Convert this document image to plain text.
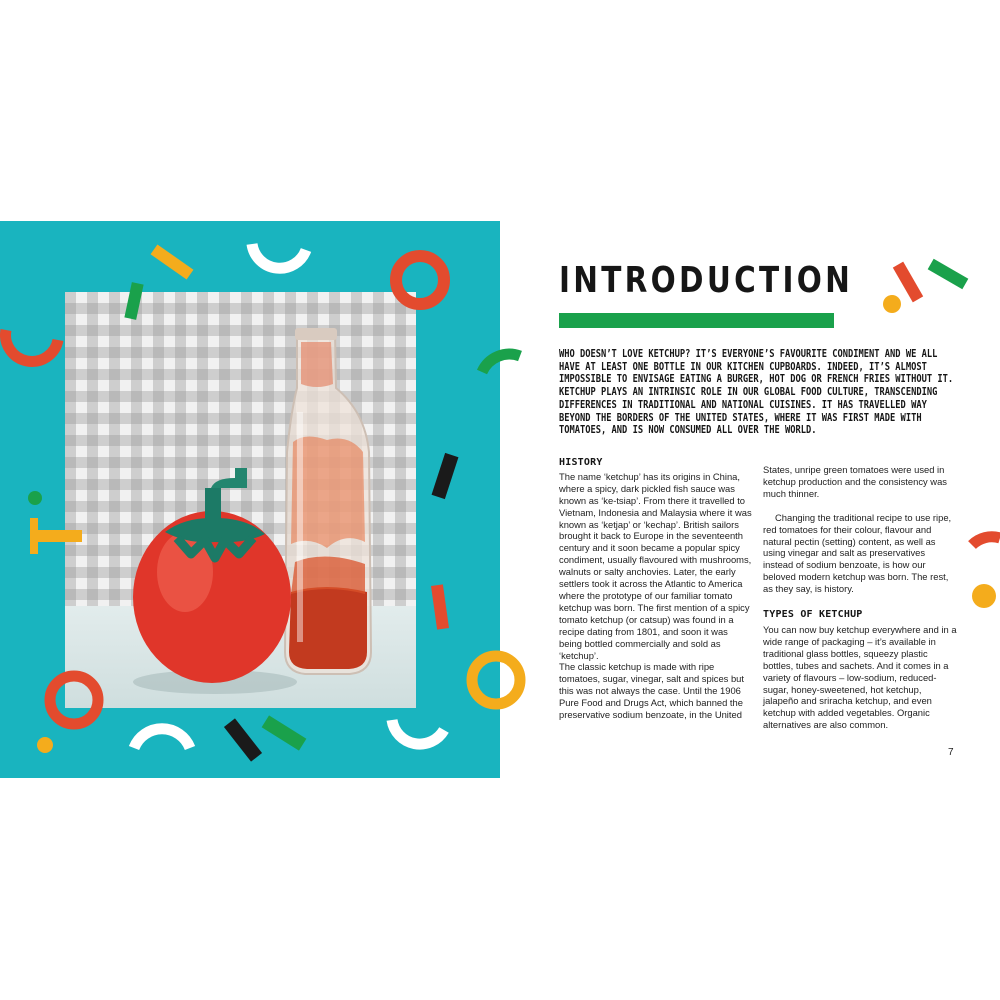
INTRODUCTION

WHO DOESN’T LOVE KETCHUP? IT’S EVERYONE’S FAVOURITE CONDIMENT AND WE ALL HAVE AT LEAST ONE BOTTLE IN OUR KITCHEN CUPBOARDS. INDEED, IT’S ALMOST IMPOSSIBLE TO ENVISAGE EATING A BURGER, HOT DOG OR FRENCH FRIES WITHOUT IT. KETCHUP PLAYS AN INTRINSIC ROLE IN OUR GLOBAL FOOD CULTURE, TRANSCENDING DIFFERENCES IN TRADITIONAL AND NATIONAL CUISINES. IT HAS TRAVELLED WAY BEYOND THE BORDERS OF THE UNITED STATES, WHERE IT WAS FIRST MADE WITH TOMATOES, AND IS NOW CONSUMED ALL OVER THE WORLD.

HISTORY

The name ‘ketchup’ has its origins in China, where a spicy, dark pickled fish sauce was known as ‘ke-tsiap’. From there it travelled to Vietnam, Indonesia and Malaysia where it was known as ‘ketjap’ or ‘kechap’. British sailors brought it back to Europe in the seventeenth century and it soon became a popular spicy condiment, usually flavoured with mushrooms, walnuts or salty anchovies. Later, the early settlers took it across the Atlantic to America where the prototype of our familiar tomato ketchup was born. The first mention of a spicy tomato ketchup (or catsup) was found in a recipe dating from 1801, and soon it was being bottled commercially and sold as ‘ketchup’.

The classic ketchup is made with ripe tomatoes, sugar, vinegar, salt and spices but this was not always the case. Until the 1906 Pure Food and Drugs Act, which banned the preservative sodium benzoate, in the United

States, unripe green tomatoes were used in ketchup production and the consistency was much thinner.

Changing the traditional recipe to use ripe, red tomatoes for their colour, flavour and natural pectin (setting) content, as well as using vinegar and salt as preservatives instead of sodium benzoate, is how our beloved modern ketchup was born. The rest, as they say, is history.

TYPES OF KETCHUP

You can now buy ketchup everywhere and in a wide range of packaging – it’s available in traditional glass bottles, squeezy plastic bottles, tubes and sachets. And it comes in a variety of flavours – low-sodium, reduced-sugar, honey-sweetened, hot ketchup, jalapeño and sriracha ketchup, and even ketchup with added vegetables. Organic alternatives are also common.

7
